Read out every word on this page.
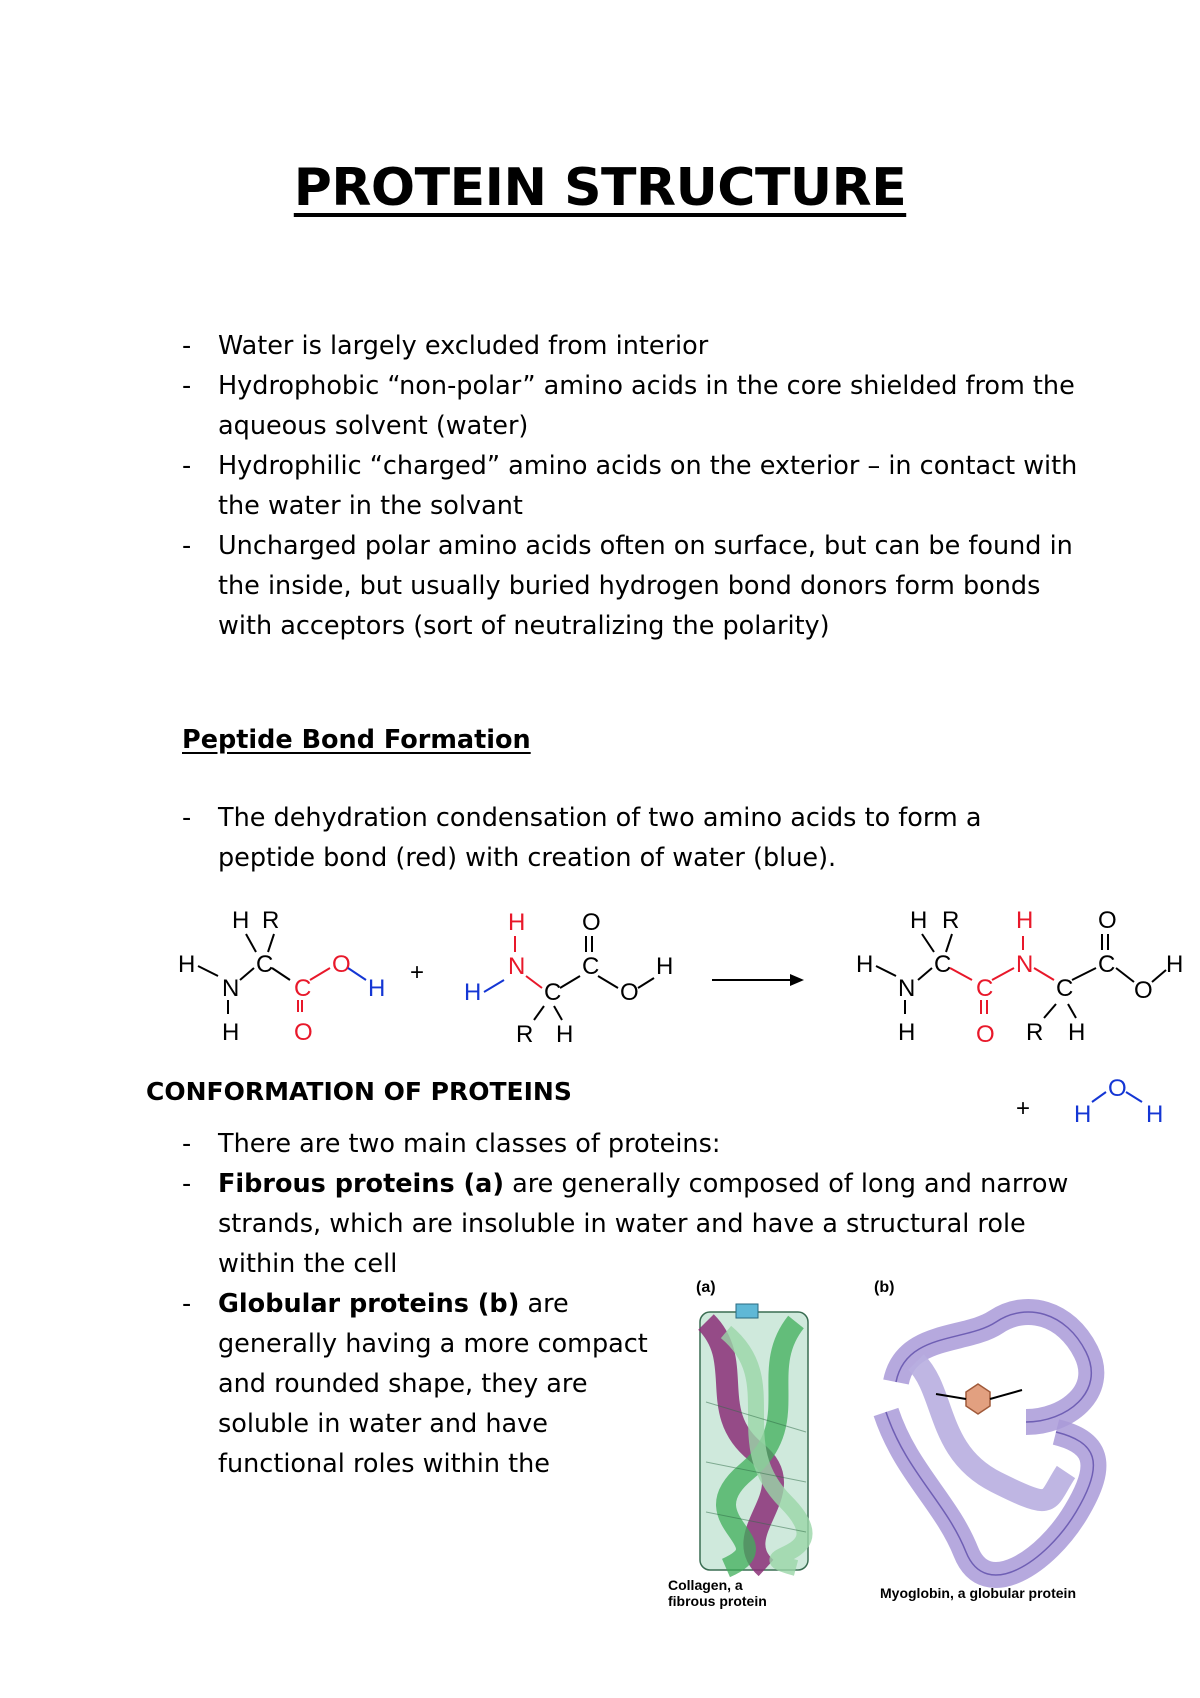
PROTEIN STRUCTURE
- Water is largely excluded from interior
- Hydrophobic “non-polar” amino acids in the core shielded from the aqueous solvent (water)
- Hydrophilic “charged” amino acids on the exterior – in contact with the water in the solvant
- Uncharged polar amino acids often on surface, but can be found in the inside, but usually buried hydrogen bond donors form bonds with acceptors (sort of neutralizing the polarity)
Peptide Bond Formation
- The dehydration condensation of two amino acids to form a peptide bond (red) with creation of water (blue).
H R
H
N
C
H
C
O
O
H
+
H
N
H	C
R H
C
O
O
H
H R
H
N
H
C
C
O
N
H
C
R H
C
O
O
H
+ H
O
H
CONFORMATION OF PROTEINS
- There are two main classes of proteins:
- Fibrous proteins (a) are generally composed of long and narrow strands, which are insoluble in water and have a structural role within the cell
- Globular proteins (b) are generally having a more compact and rounded shape, they are soluble in water and have functional roles within the
(a)	(b)
Collagen, a
fibrous protein	Myoglobin, a globular protein
